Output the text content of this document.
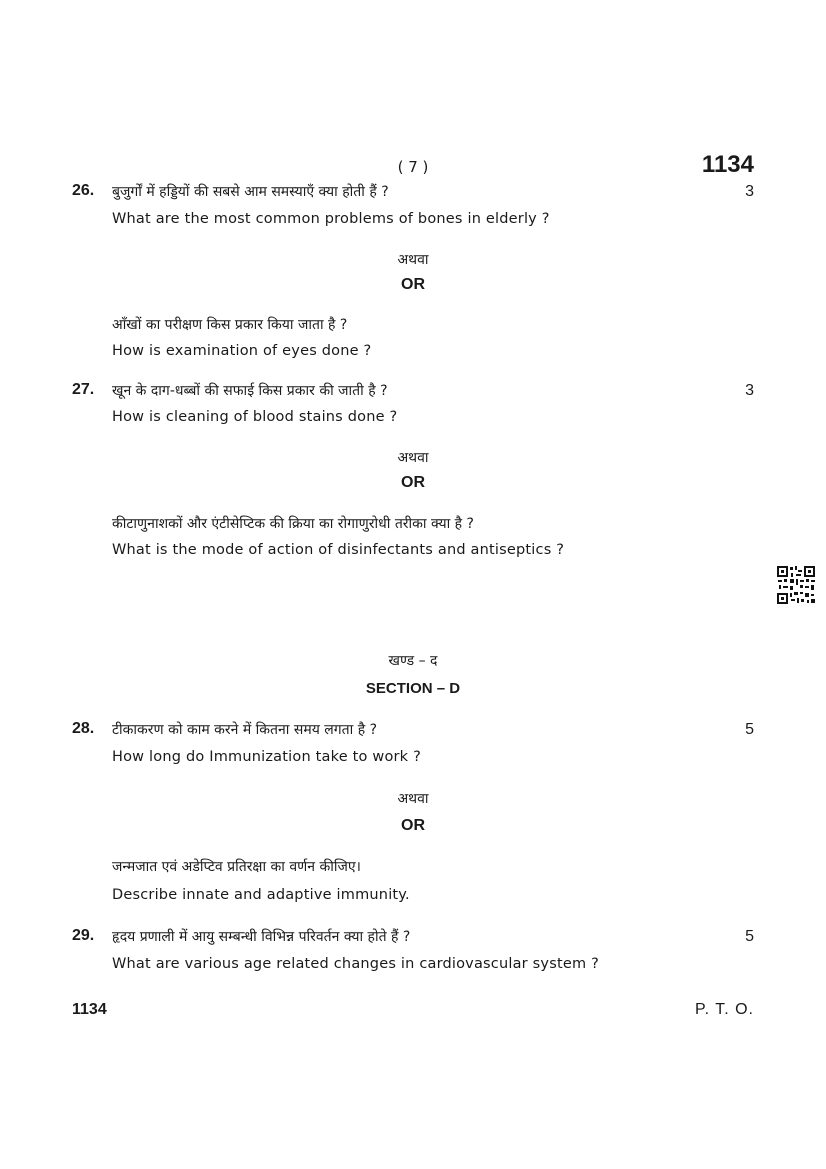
( 7 )	1134
26. बुजुर्गों में हड्डियों की सबसे आम समस्याएँ क्या होती हैं ?	3
What are the most common problems of bones in elderly ?
अथवा
OR
आँखों का परीक्षण किस प्रकार किया जाता है ?
How is examination of eyes done ?
27. खून के दाग-धब्बों की सफाई किस प्रकार की जाती है ?	3
How is cleaning of blood stains done ?
अथवा
OR
कीटाणुनाशकों और एंटीसेप्टिक की क्रिया का रोगाणुरोधी तरीका क्या है ?
What is the mode of action of disinfectants and antiseptics ?
खण्ड – द
SECTION – D
28. टीकाकरण को काम करने में कितना समय लगता है ?	5
How long do Immunization take to work ?
अथवा
OR
जन्मजात एवं अडेप्टिव प्रतिरक्षा का वर्णन कीजिए।
Describe innate and adaptive immunity.
29. हृदय प्रणाली में आयु सम्बन्धी विभिन्न परिवर्तन क्या होते हैं ?	5
What are various age related changes in cardiovascular system ?
1134	P. T. O.
